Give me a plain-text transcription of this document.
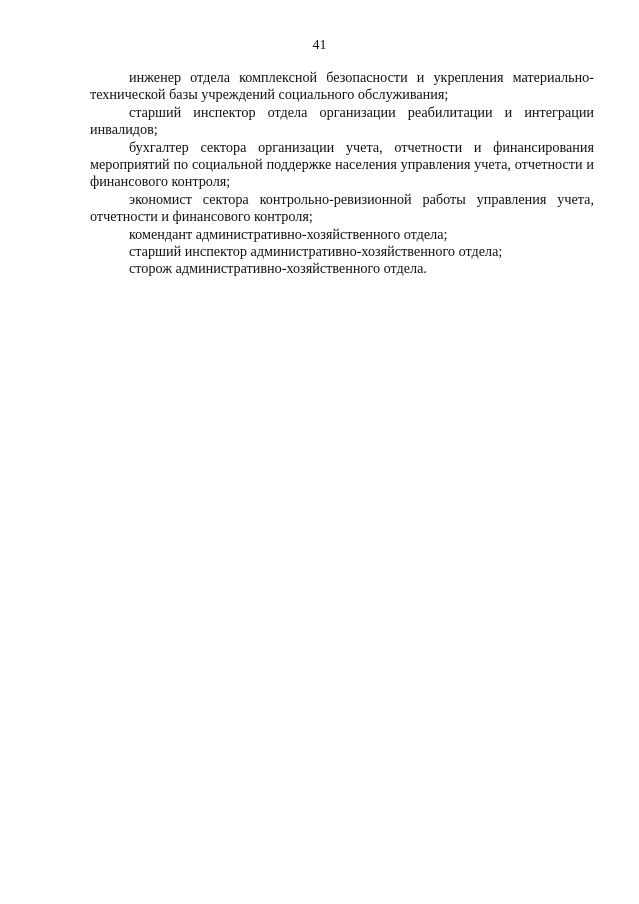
41

инженер отдела комплексной безопасности и укрепления материально-технической базы учреждений социального обслуживания;

старший инспектор отдела организации реабилитации и интеграции инвалидов;

бухгалтер сектора организации учета, отчетности и финансирования мероприятий по социальной поддержке населения управления учета, отчетности и финансового контроля;

экономист сектора контрольно-ревизионной работы управления учета, отчетности и финансового контроля;

комендант административно-хозяйственного отдела;

старший инспектор административно-хозяйственного отдела;

сторож административно-хозяйственного отдела.
